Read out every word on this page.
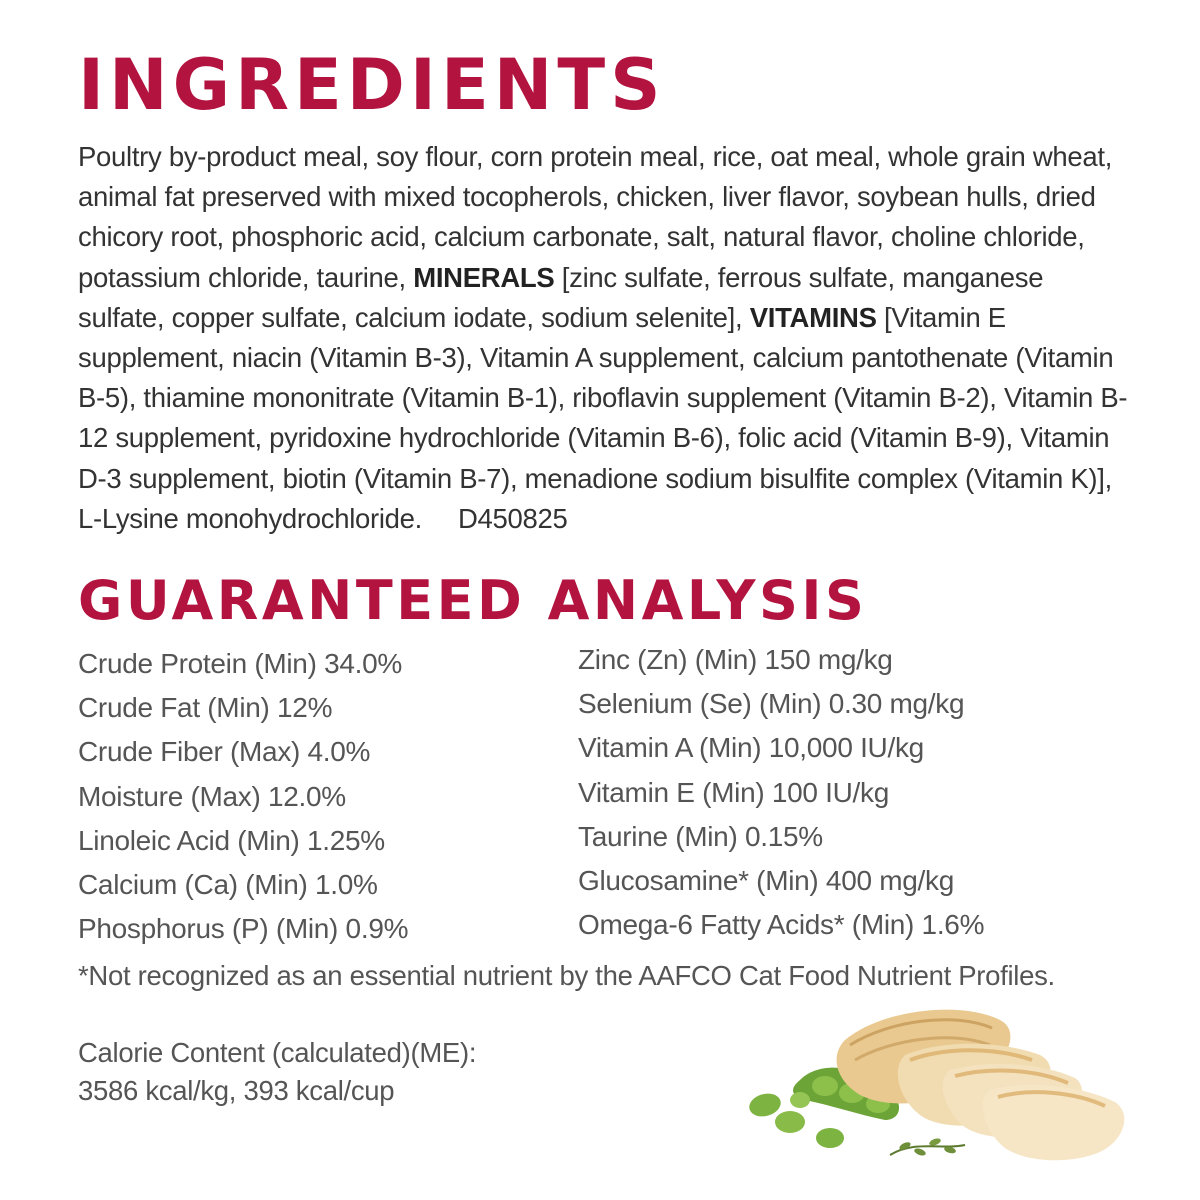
INGREDIENTS

Poultry by-product meal, soy flour, corn protein meal, rice, oat meal, whole grain wheat, animal fat preserved with mixed tocopherols, chicken, liver flavor, soybean hulls, dried chicory root, phosphoric acid, calcium carbonate, salt, natural flavor, choline chloride, potassium chloride, taurine, MINERALS [zinc sulfate, ferrous sulfate, manganese sulfate, copper sulfate, calcium iodate, sodium selenite], VITAMINS [Vitamin E supplement, niacin (Vitamin B-3), Vitamin A supplement, calcium pantothenate (Vitamin B-5), thiamine mononitrate (Vitamin B-1), riboflavin supplement (Vitamin B-2), Vitamin B-12 supplement, pyridoxine hydrochloride (Vitamin B-6), folic acid (Vitamin B-9), Vitamin D-3 supplement, biotin (Vitamin B-7), menadione sodium bisulfite complex (Vitamin K)], L-Lysine monohydrochloride. D450825

GUARANTEED ANALYSIS
Crude Protein (Min) 34.0%
Crude Fat (Min) 12%
Crude Fiber (Max) 4.0%
Moisture (Max) 12.0%
Linoleic Acid (Min) 1.25%
Calcium (Ca) (Min) 1.0%
Phosphorus (P) (Min) 0.9%
Zinc (Zn) (Min) 150 mg/kg
Selenium (Se) (Min) 0.30 mg/kg
Vitamin A (Min) 10,000 IU/kg
Vitamin E (Min) 100 IU/kg
Taurine (Min) 0.15%
Glucosamine* (Min) 400 mg/kg
Omega-6 Fatty Acids* (Min) 1.6%

*Not recognized as an essential nutrient by the AAFCO Cat Food Nutrient Profiles.

Calorie Content (calculated)(ME):
3586 kcal/kg, 393 kcal/cup
